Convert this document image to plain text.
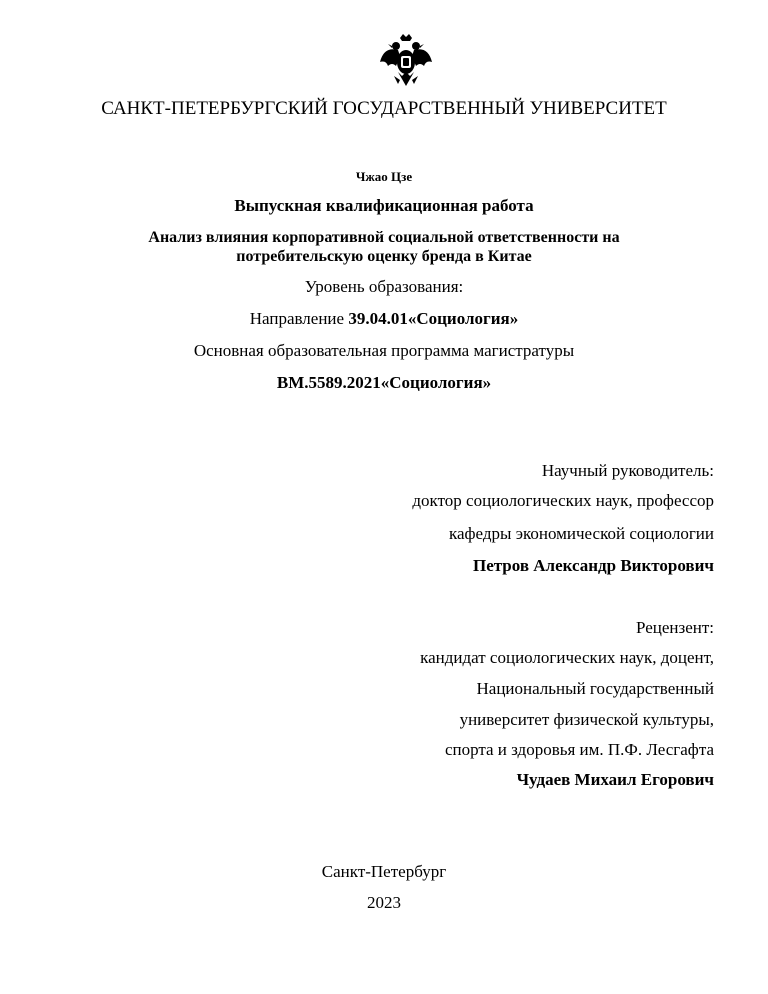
САНКТ-ПЕТЕРБУРГСКИЙ ГОСУДАРСТВЕННЫЙ УНИВЕРСИТЕТ
Чжао Цзе
Выпускная квалификационная работа
Анализ влияния корпоративной социальной ответственности на
потребительскую оценку бренда в Китае
Уровень образования:
Направление 39.04.01«Социология»
Основная образовательная программа магистратуры
ВМ.5589.2021«Социология»
Научный руководитель:
доктор социологических наук, профессор
кафедры экономической социологии
Петров Александр Викторович
Рецензент:
кандидат социологических наук, доцент,
Национальный государственный
университет физической культуры,
спорта и здоровья им. П.Ф. Лесгафта
Чудаев Михаил Егорович
Санкт-Петербург
2023
